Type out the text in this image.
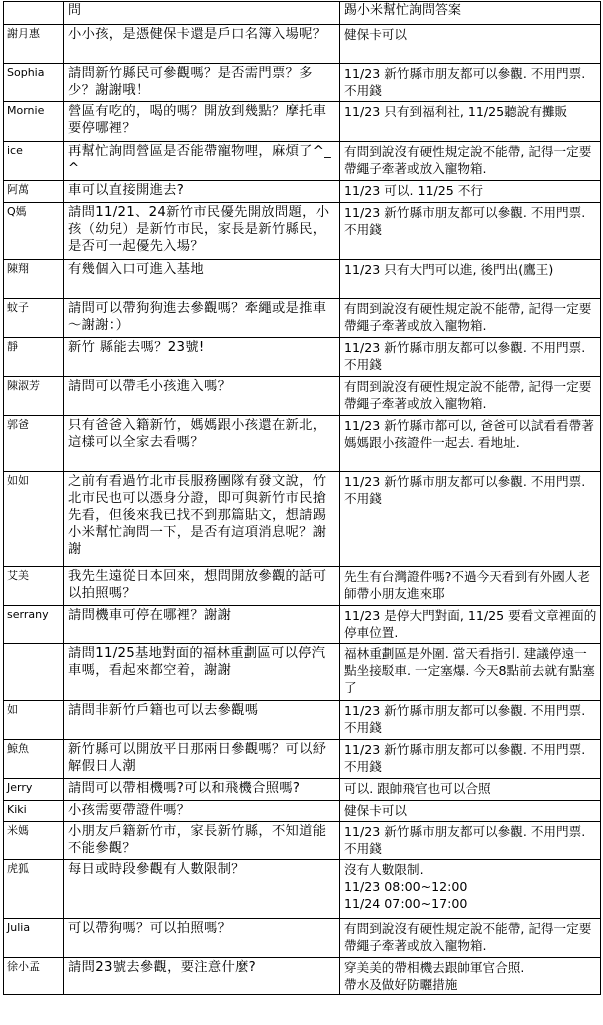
	問	踢小米幫忙詢問答案
謝月惠	小小孩，是憑健保卡還是戶口名簿入場呢？	健保卡可以
Sophia	請問新竹縣民可參觀嗎？是否需門票？多少？謝謝哦！	11/23 新竹縣市朋友都可以參觀. 不用門票. 不用錢
Mornie	營區有吃的，喝的嗎？開放到幾點？摩托車要停哪裡？	11/23 只有到福利社, 11/25聽說有攤販
ice	再幫忙詢問營區是否能帶寵物哩，麻煩了^_^	有問到說沒有硬性規定說不能帶, 記得一定要帶繩子牽著或放入寵物箱.
阿萬	車可以直接開進去?	11/23 可以. 11/25 不行
Q媽	請問11/21、24新竹市民優先開放問題，小孩（幼兒）是新竹市民，家長是新竹縣民，是否可一起優先入場？	11/23 新竹縣市朋友都可以參觀. 不用門票. 不用錢
陳翔	有幾個入口可進入基地	11/23 只有大門可以進, 後門出(鷹王)
蚊子	請問可以帶狗狗進去參觀嗎？牽繩或是推車～謝謝：）	有問到說沒有硬性規定說不能帶, 記得一定要帶繩子牽著或放入寵物箱.
靜	新竹 縣能去嗎？23號!	11/23 新竹縣市朋友都可以參觀. 不用門票. 不用錢
陳淑芳	請問可以帶毛小孩進入嗎？	有問到說沒有硬性規定說不能帶, 記得一定要帶繩子牽著或放入寵物箱.
郭爸	只有爸爸入籍新竹，媽媽跟小孩還在新北，這樣可以全家去看嗎？	11/23 新竹縣市都可以, 爸爸可以試看看帶著媽媽跟小孩證件一起去. 看地址.
如如	之前有看過竹北市長服務團隊有發文說，竹北市民也可以憑身分證，即可與新竹市民搶先看，但後來我已找不到那篇貼文，想請踢小米幫忙詢問一下，是否有這項消息呢？謝謝	11/23 新竹縣市朋友都可以參觀. 不用門票. 不用錢
艾美	我先生遠從日本回來，想問開放參觀的話可以拍照嗎？	先生有台灣證件嗎?不過今天看到有外國人老師帶小朋友進來耶
serrany	請問機車可停在哪裡？謝謝	11/23 是停大門對面, 11/25 要看文章裡面的停車位置.
	請問11/25基地對面的福林重劃區可以停汽車嗎，看起來都空着，謝謝	福林重劃區是外圍. 當天看指引. 建議停遠一點坐接駁車. 一定塞爆. 今天8點前去就有點塞了
如	請問非新竹戶籍也可以去參觀嗎	11/23 新竹縣市朋友都可以參觀. 不用門票. 不用錢
鯨魚	新竹縣可以開放平日那兩日參觀嗎？可以紓解假日人潮	11/23 新竹縣市朋友都可以參觀. 不用門票. 不用錢
Jerry	請問可以帶相機嗎?可以和飛機合照嗎?	可以. 跟帥飛官也可以合照
Kiki	小孩需要帶證件嗎？	健保卡可以
米媽	小朋友戶籍新竹市，家長新竹縣，不知道能不能參觀？	11/23 新竹縣市朋友都可以參觀. 不用門票. 不用錢
虎狐	每日或時段參觀有人數限制？	沒有人數限制.
11/23 08:00~12:00
11/24 07:00~17:00

Julia	可以帶狗嗎？可以拍照嗎？	有問到說沒有硬性規定說不能帶, 記得一定要帶繩子牽著或放入寵物箱.
徐小孟	請問23號去參觀，要注意什麼?	穿美美的帶相機去跟帥軍官合照.
帶水及做好防曬措施
